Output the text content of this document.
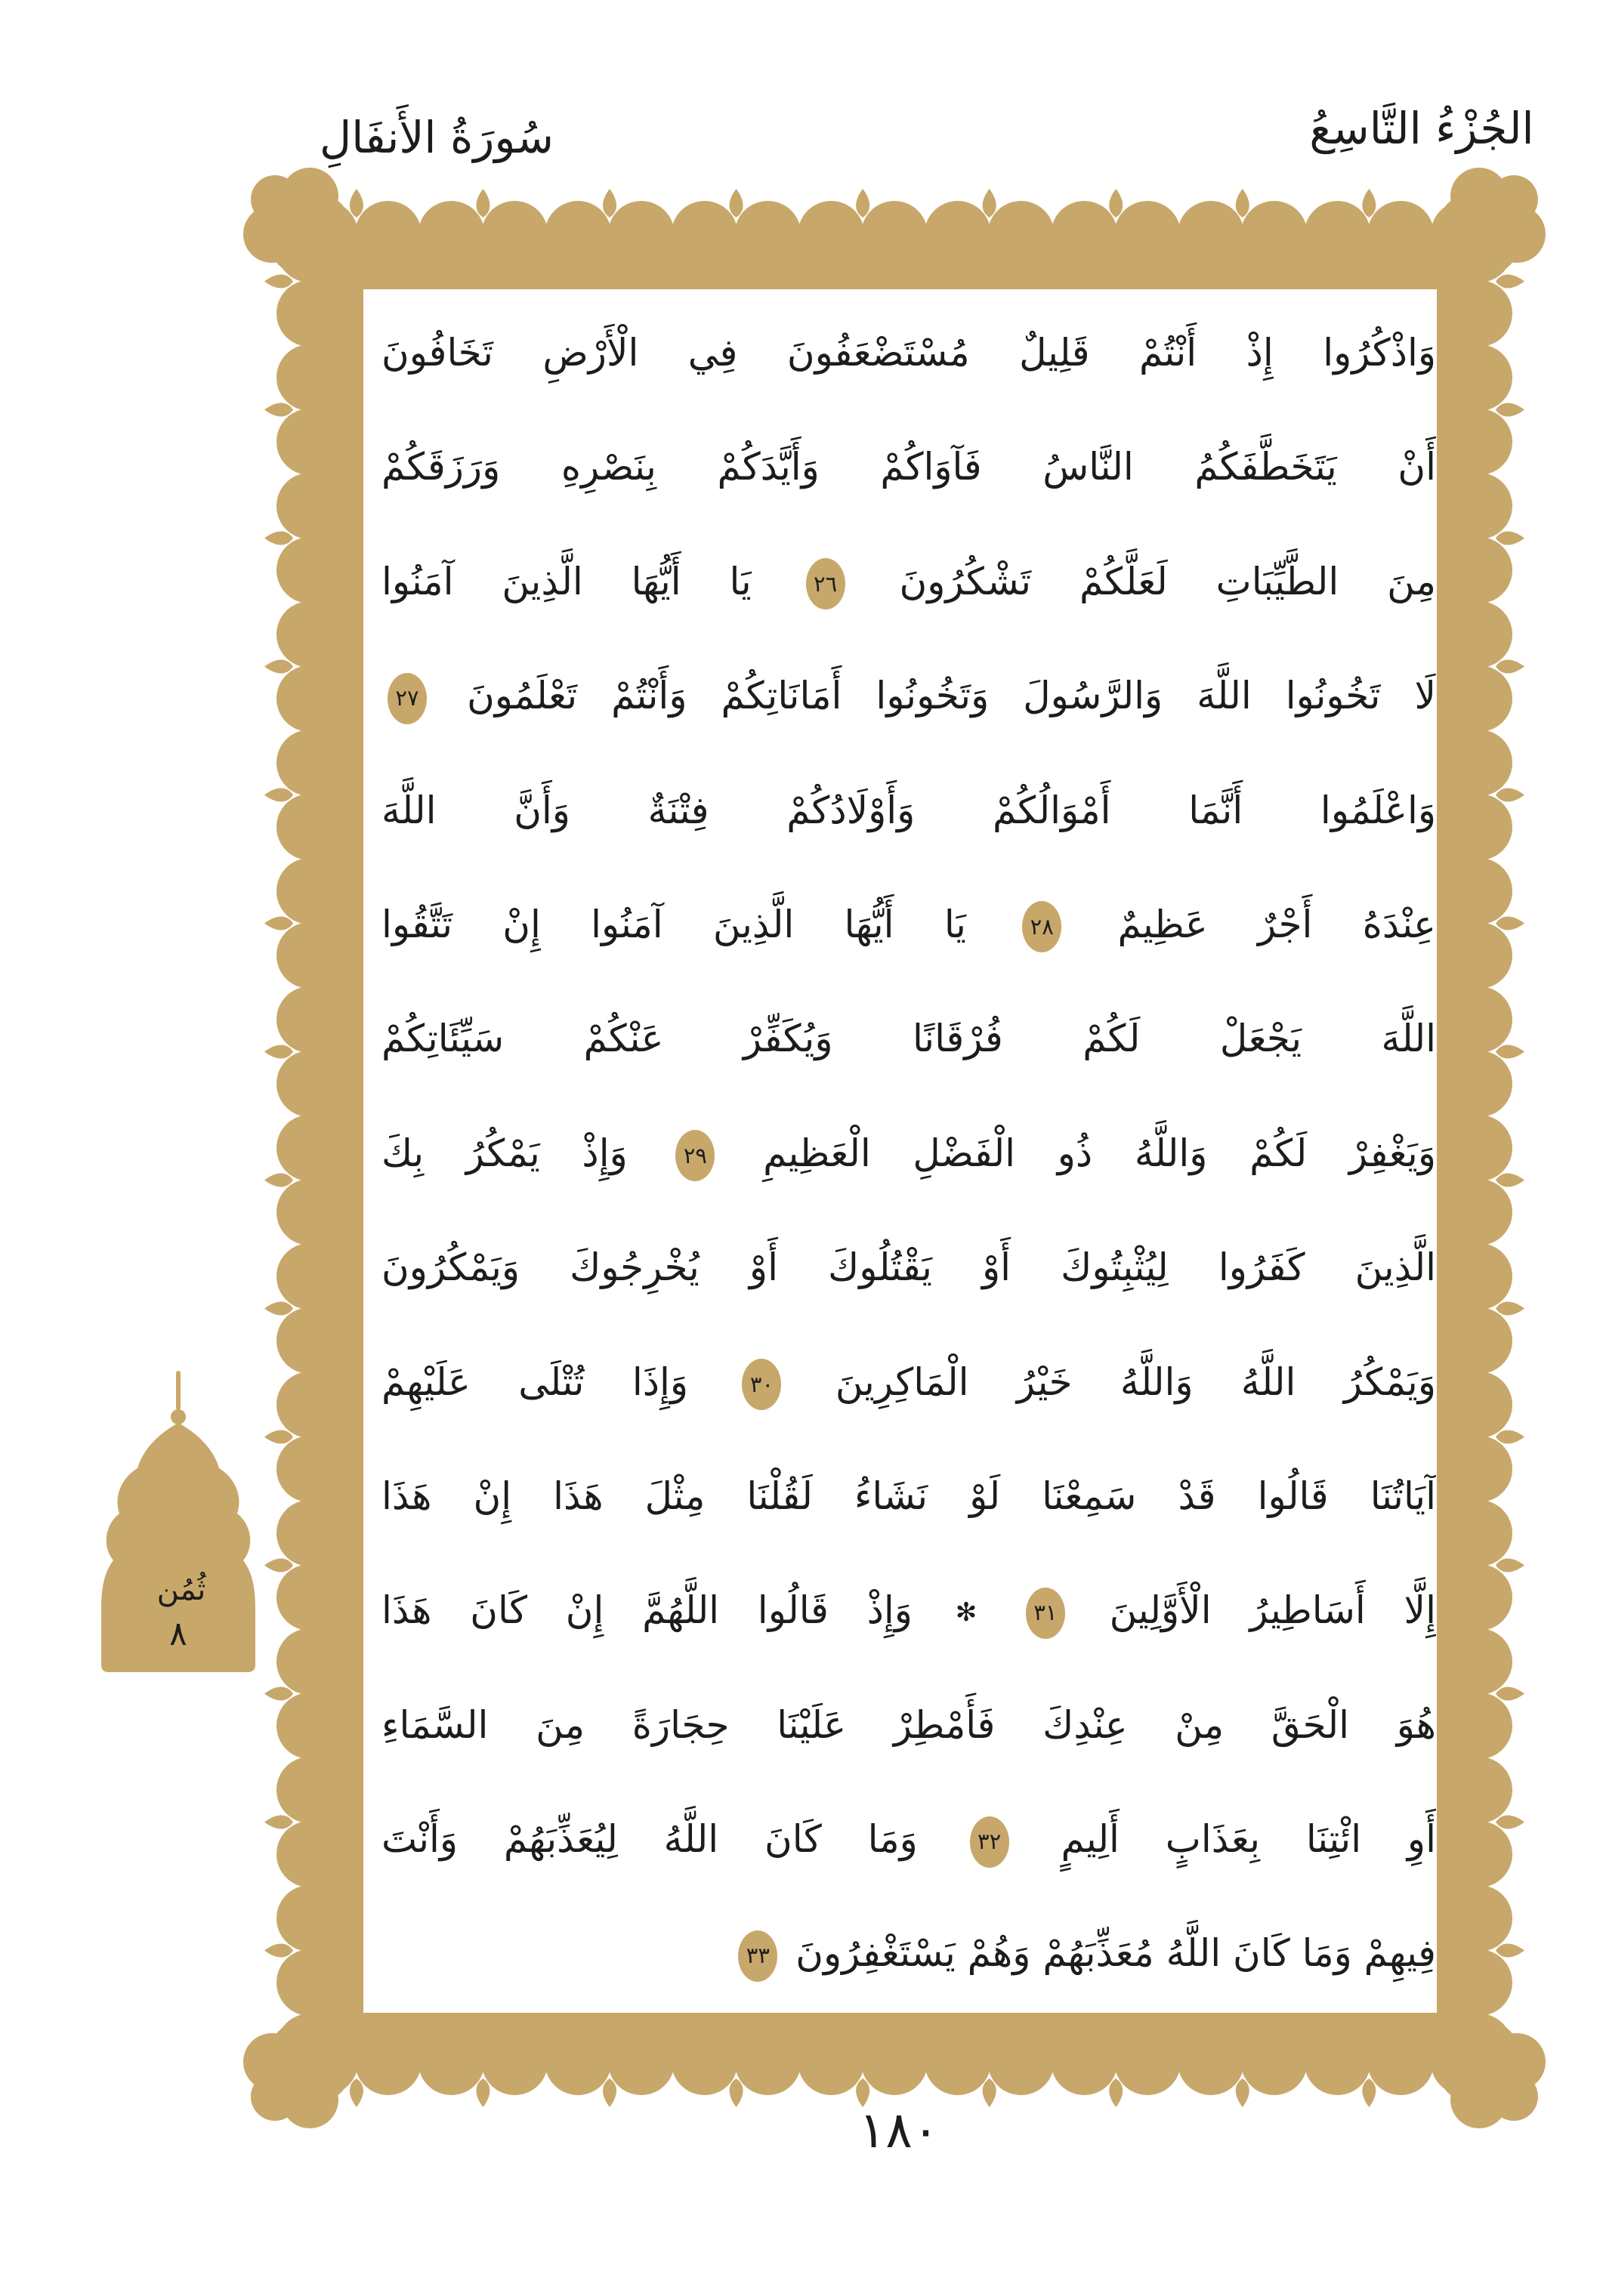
الجُزْءُ التَّاسِعُ
سُورَةُ الأَنفَالِ
ثُمُن
٨
وَاذْكُرُوا إِذْ أَنْتُمْ قَلِيلٌ مُسْتَضْعَفُونَ فِي الْأَرْضِ تَخَافُونَ
أَنْ يَتَخَطَّفَكُمُ النَّاسُ فَآوَاكُمْ وَأَيَّدَكُمْ بِنَصْرِهِ وَرَزَقَكُمْ
مِنَ الطَّيِّبَاتِ لَعَلَّكُمْ تَشْكُرُونَ ٢٦ يَا أَيُّهَا الَّذِينَ آمَنُوا
لَا تَخُونُوا اللَّهَ وَالرَّسُولَ وَتَخُونُوا أَمَانَاتِكُمْ وَأَنْتُمْ تَعْلَمُونَ ٢٧
وَاعْلَمُوا أَنَّمَا أَمْوَالُكُمْ وَأَوْلَادُكُمْ فِتْنَةٌ وَأَنَّ اللَّهَ
عِنْدَهُ أَجْرٌ عَظِيمٌ ٢٨ يَا أَيُّهَا الَّذِينَ آمَنُوا إِنْ تَتَّقُوا
اللَّهَ يَجْعَلْ لَكُمْ فُرْقَانًا وَيُكَفِّرْ عَنْكُمْ سَيِّئَاتِكُمْ
وَيَغْفِرْ لَكُمْ وَاللَّهُ ذُو الْفَضْلِ الْعَظِيمِ ٢٩ وَإِذْ يَمْكُرُ بِكَ
الَّذِينَ كَفَرُوا لِيُثْبِتُوكَ أَوْ يَقْتُلُوكَ أَوْ يُخْرِجُوكَ وَيَمْكُرُونَ
وَيَمْكُرُ اللَّهُ وَاللَّهُ خَيْرُ الْمَاكِرِينَ ٣٠ وَإِذَا تُتْلَى عَلَيْهِمْ
آيَاتُنَا قَالُوا قَدْ سَمِعْنَا لَوْ نَشَاءُ لَقُلْنَا مِثْلَ هَذَا إِنْ هَذَا
إِلَّا أَسَاطِيرُ الْأَوَّلِينَ ٣١ ✻ وَإِذْ قَالُوا اللَّهُمَّ إِنْ كَانَ هَذَا
هُوَ الْحَقَّ مِنْ عِنْدِكَ فَأَمْطِرْ عَلَيْنَا حِجَارَةً مِنَ السَّمَاءِ
أَوِ ائْتِنَا بِعَذَابٍ أَلِيمٍ ٣٢ وَمَا كَانَ اللَّهُ لِيُعَذِّبَهُمْ وَأَنْتَ
فِيهِمْ وَمَا كَانَ اللَّهُ مُعَذِّبَهُمْ وَهُمْ يَسْتَغْفِرُونَ ٣٣
١٨٠
